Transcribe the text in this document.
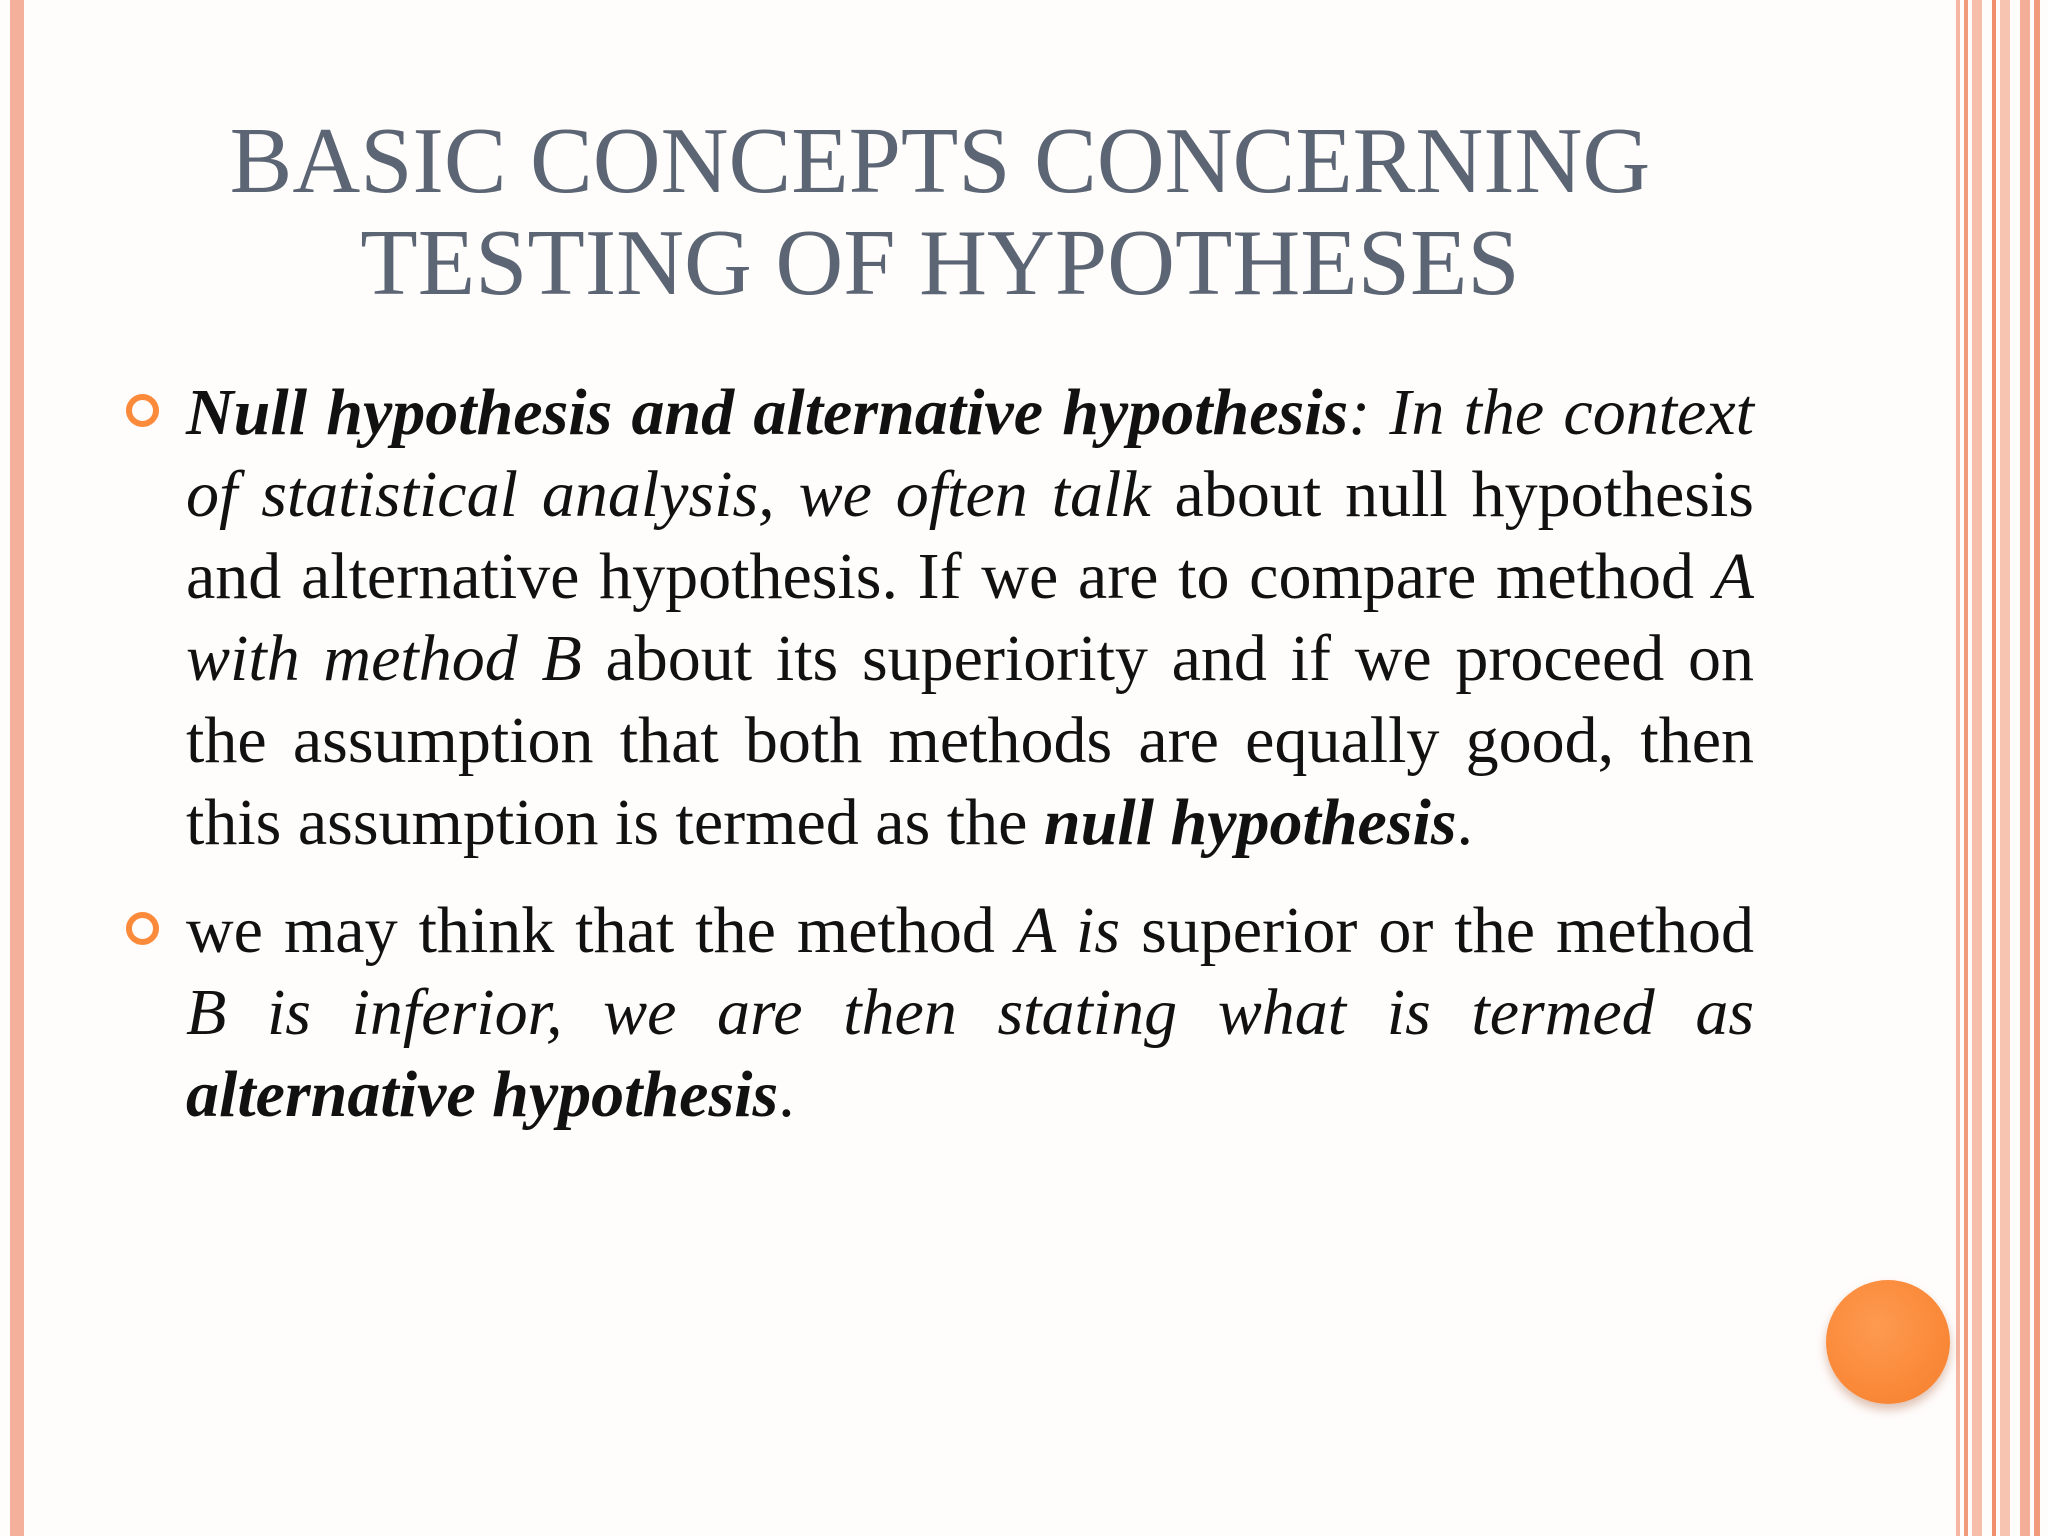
BASIC CONCEPTS CONCERNING
TESTING OF HYPOTHESES

Null hypothesis and alternative hypothesis: In the context of statistical analysis, we often talk about null hypothesis and alternative hypothesis. If we are to compare method A with method B about its superiority and if we proceed on the assumption that both methods are equally good, then this assumption is termed as the null hypothesis.

we may think that the method A is superior or the method B is inferior, we are then stating what is termed as alternative hypothesis.
